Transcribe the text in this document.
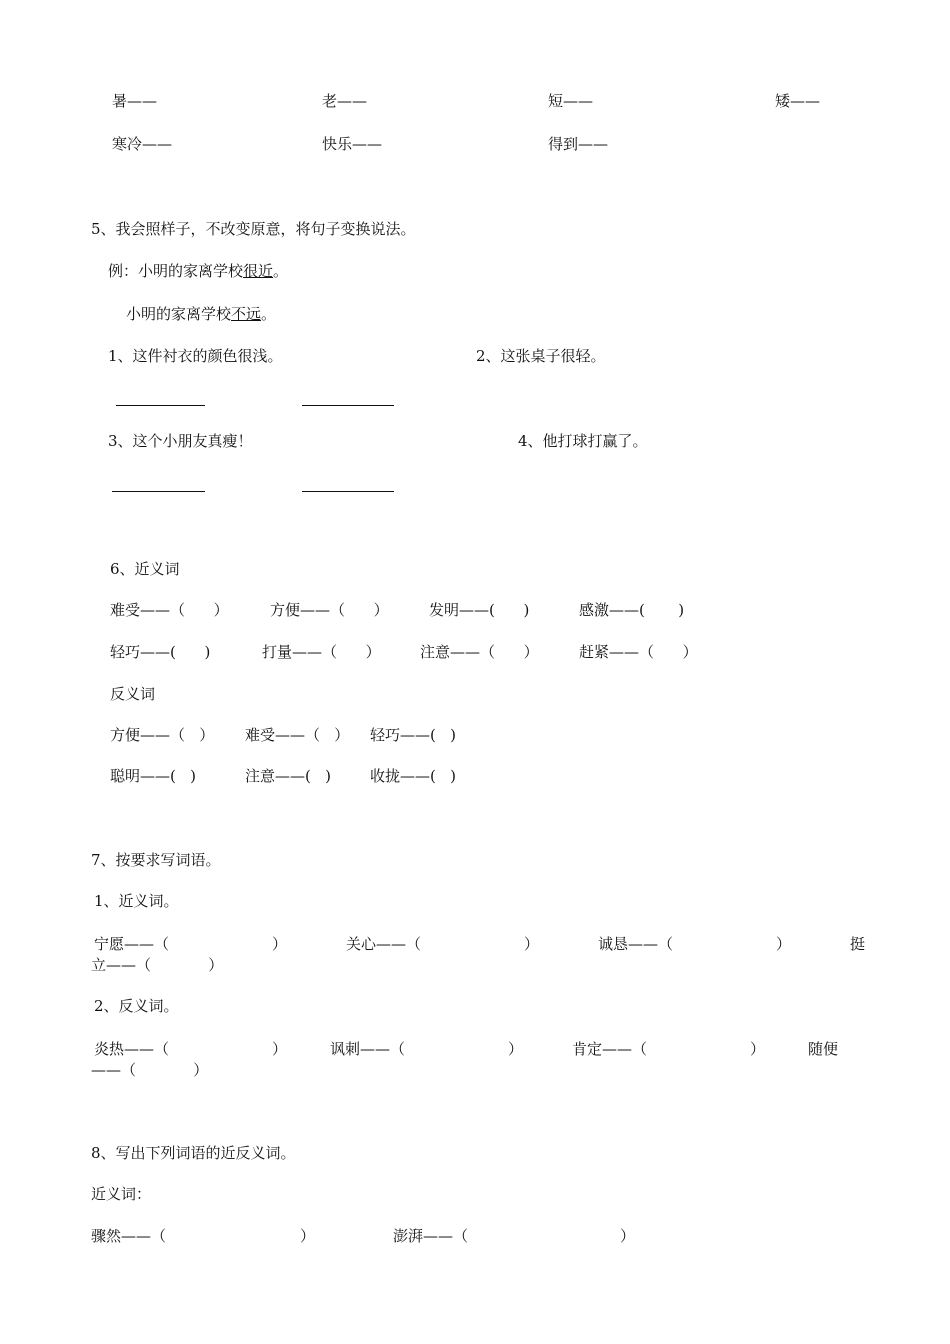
暑——	老——	短——	矮——
寒冷——	快乐——	得到——
5、我会照样子，不改变原意，将句子变换说法。
例：小明的家离学校很近。
小明的家离学校不远。
1、这件衬衣的颜色很浅。	2、这张桌子很轻。
3、这个小朋友真瘦！	4、他打球打赢了。
6、近义词
难受——（      ）	方便——（      ）	发明——(      )	感激——(       )
轻巧——(      )	打量——（      ）	注意——（      ）	赶紧——（      ）
反义词
方便——（   ） 难受——（   ） 轻巧——(   )
聪明——(   )	注意——(   )	收拢——(   )
7、按要求写词语。
1、近义词。
宁愿——（	）	关心——（	）	诚恳——（	）	挺
立——（            ）
2、反义词。
炎热——（	）	讽刺——（	）	肯定——（	）	随便
——（            ）
8、写出下列词语的近反义词。
近义词：
骤然——（	）	澎湃——（	）
